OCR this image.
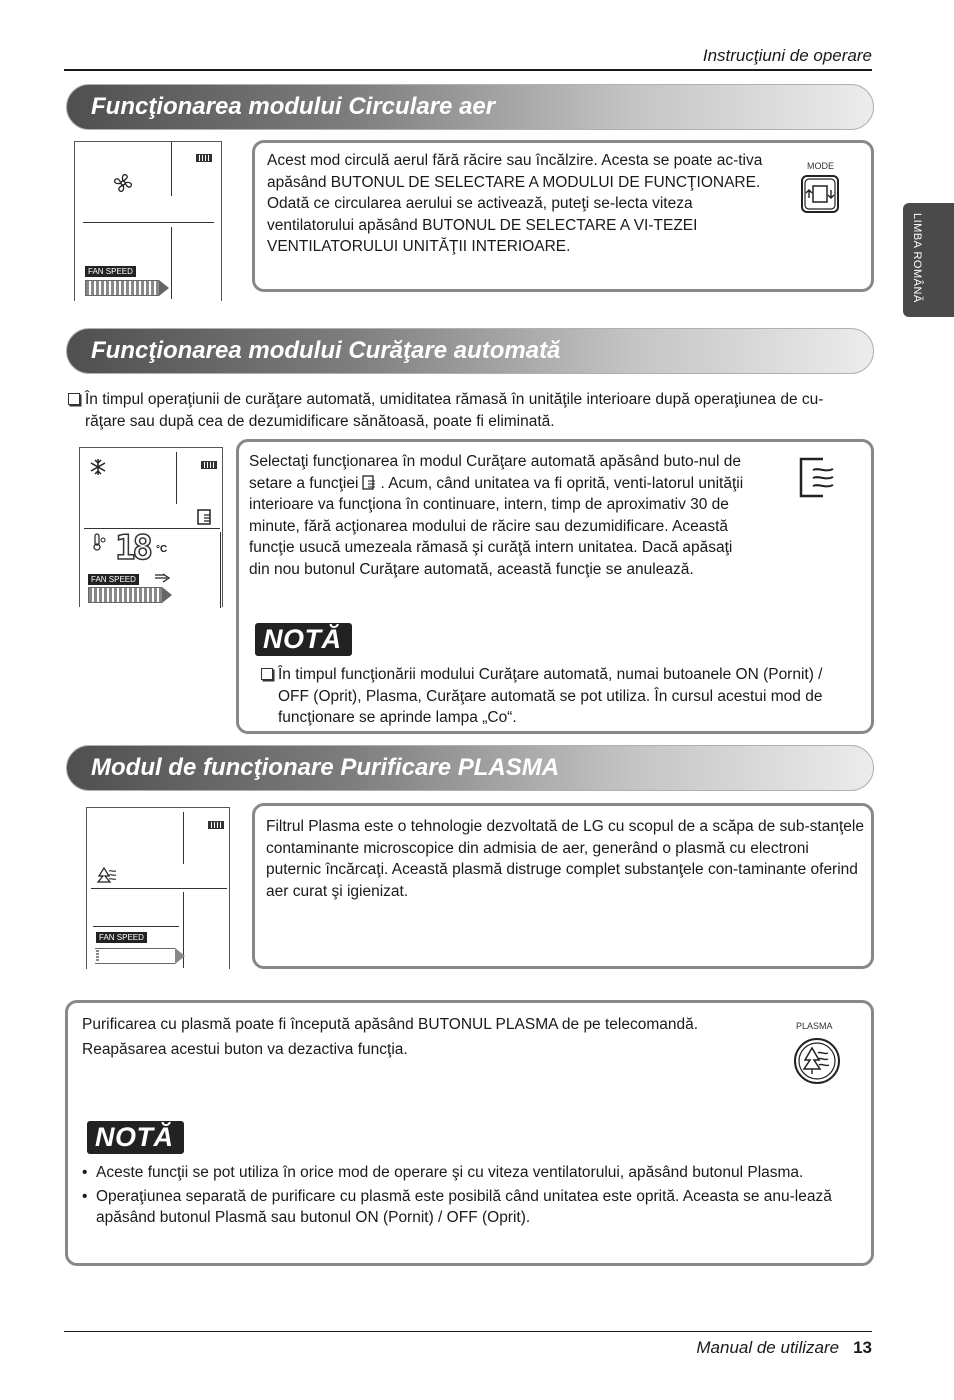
Instrucţiuni de operare
LIMBA ROMÂNĂ
Funcţionarea modului Circulare aer
FAN SPEED
Acest mod circulă aerul fără răcire sau încălzire. Acesta se poate ac-tiva apăsând BUTONUL DE SELECTARE A MODULUI DE FUNCŢIONARE. Odată ce circularea aerului se activează, puteţi se-lecta viteza ventilatorului apăsând BUTONUL DE SELECTARE A VI-TEZEI VENTILATORULUI UNITĂŢII INTERIOARE.
MODE
Funcţionarea modului Curăţare automată
În timpul operaţiunii de curăţare automată, umiditatea rămasă în unităţile interioare după operaţiunea de cu-răţare sau după cea de dezumidificare sănătoasă, poate fi eliminată.
18 °C
FAN SPEED
Selectaţi funcţionarea în modul Curăţare automată apăsând buto-nul de setare a funcţiei . Acum, când unitatea va fi oprită, venti-latorul unităţii interioare va funcţiona în continuare, intern, timp de aproximativ 30 de minute, fără acţionarea modului de răcire sau dezumidificare. Această funcţie usucă umezeala rămasă şi curăţă intern unitatea. Dacă apăsaţi din nou butonul Curăţare automată, această funcţie se anulează.
NOTĂ
În timpul funcţionării modului Curăţare automată, numai butoanele ON (Pornit) / OFF (Oprit), Plasma, Curăţare automată se pot utiliza. În cursul acestui mod de funcţionare se aprinde lampa „Co“.
Modul de funcţionare Purificare PLASMA
FAN SPEED
Filtrul Plasma este o tehnologie dezvoltată de LG cu scopul de a scăpa de sub-stanţele contaminante microscopice din admisia de aer, generând o plasmă cu electroni puternic încărcaţi. Această plasmă distruge complet substanţele con-taminante oferind aer curat şi igienizat.
Purificarea cu plasmă poate fi începută apăsând BUTONUL PLASMA de pe telecomandă.
Reapăsarea acestui buton va dezactiva funcţia.
PLASMA
NOTĂ
• Aceste funcţii se pot utiliza în orice mod de operare şi cu viteza ventilatorului, apăsând butonul Plasma.
• Operaţiunea separată de purificare cu plasmă este posibilă când unitatea este oprită. Aceasta se anu-lează apăsând butonul Plasmă sau butonul ON (Pornit) / OFF (Oprit).
Manual de utilizare 13
